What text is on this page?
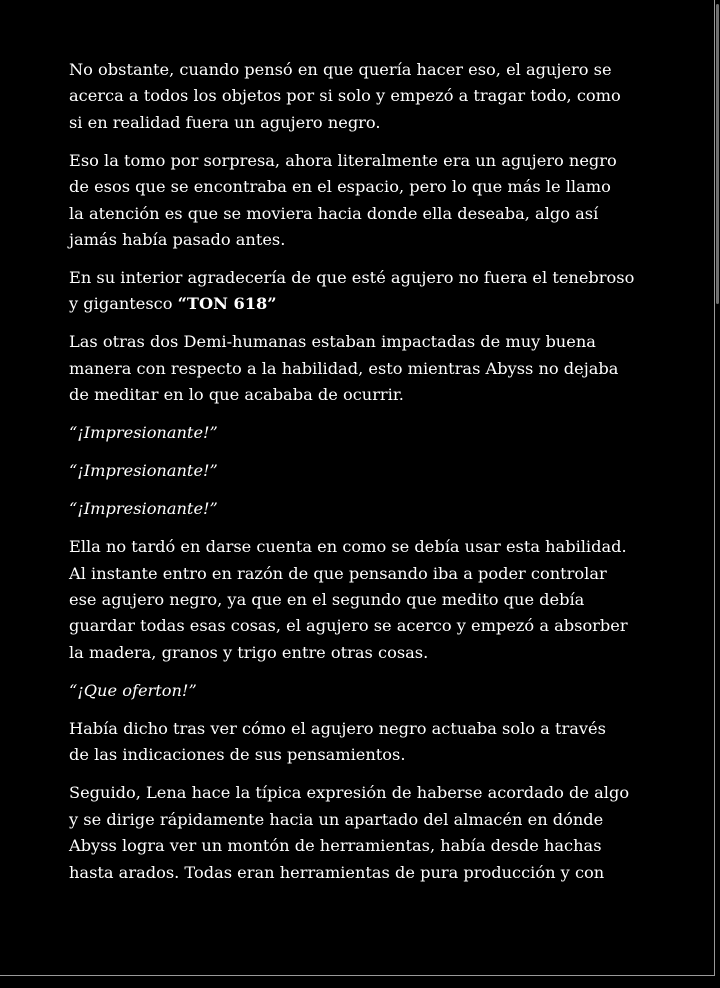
No obstante, cuando pensó en que quería hacer eso, el agujero se
acerca a todos los objetos por si solo y empezó a tragar todo, como
si en realidad fuera un agujero negro.

Eso la tomo por sorpresa, ahora literalmente era un agujero negro
de esos que se encontraba en el espacio, pero lo que más le llamo
la atención es que se moviera hacia donde ella deseaba, algo así
jamás había pasado antes.

En su interior agradecería de que esté agujero no fuera el tenebroso
y gigantesco “TON 618”

Las otras dos Demi-humanas estaban impactadas de muy buena
manera con respecto a la habilidad, esto mientras Abyss no dejaba
de meditar en lo que acababa de ocurrir.

“¡Impresionante!”

“¡Impresionante!”

“¡Impresionante!”

Ella no tardó en darse cuenta en como se debía usar esta habilidad.
Al instante entro en razón de que pensando iba a poder controlar
ese agujero negro, ya que en el segundo que medito que debía
guardar todas esas cosas, el agujero se acerco y empezó a absorber
la madera, granos y trigo entre otras cosas.

“¡Que oferton!”

Había dicho tras ver cómo el agujero negro actuaba solo a través
de las indicaciones de sus pensamientos.

Seguido, Lena hace la típica expresión de haberse acordado de algo
y se dirige rápidamente hacia un apartado del almacén en dónde
Abyss logra ver un montón de herramientas, había desde hachas
hasta arados. Todas eran herramientas de pura producción y con
